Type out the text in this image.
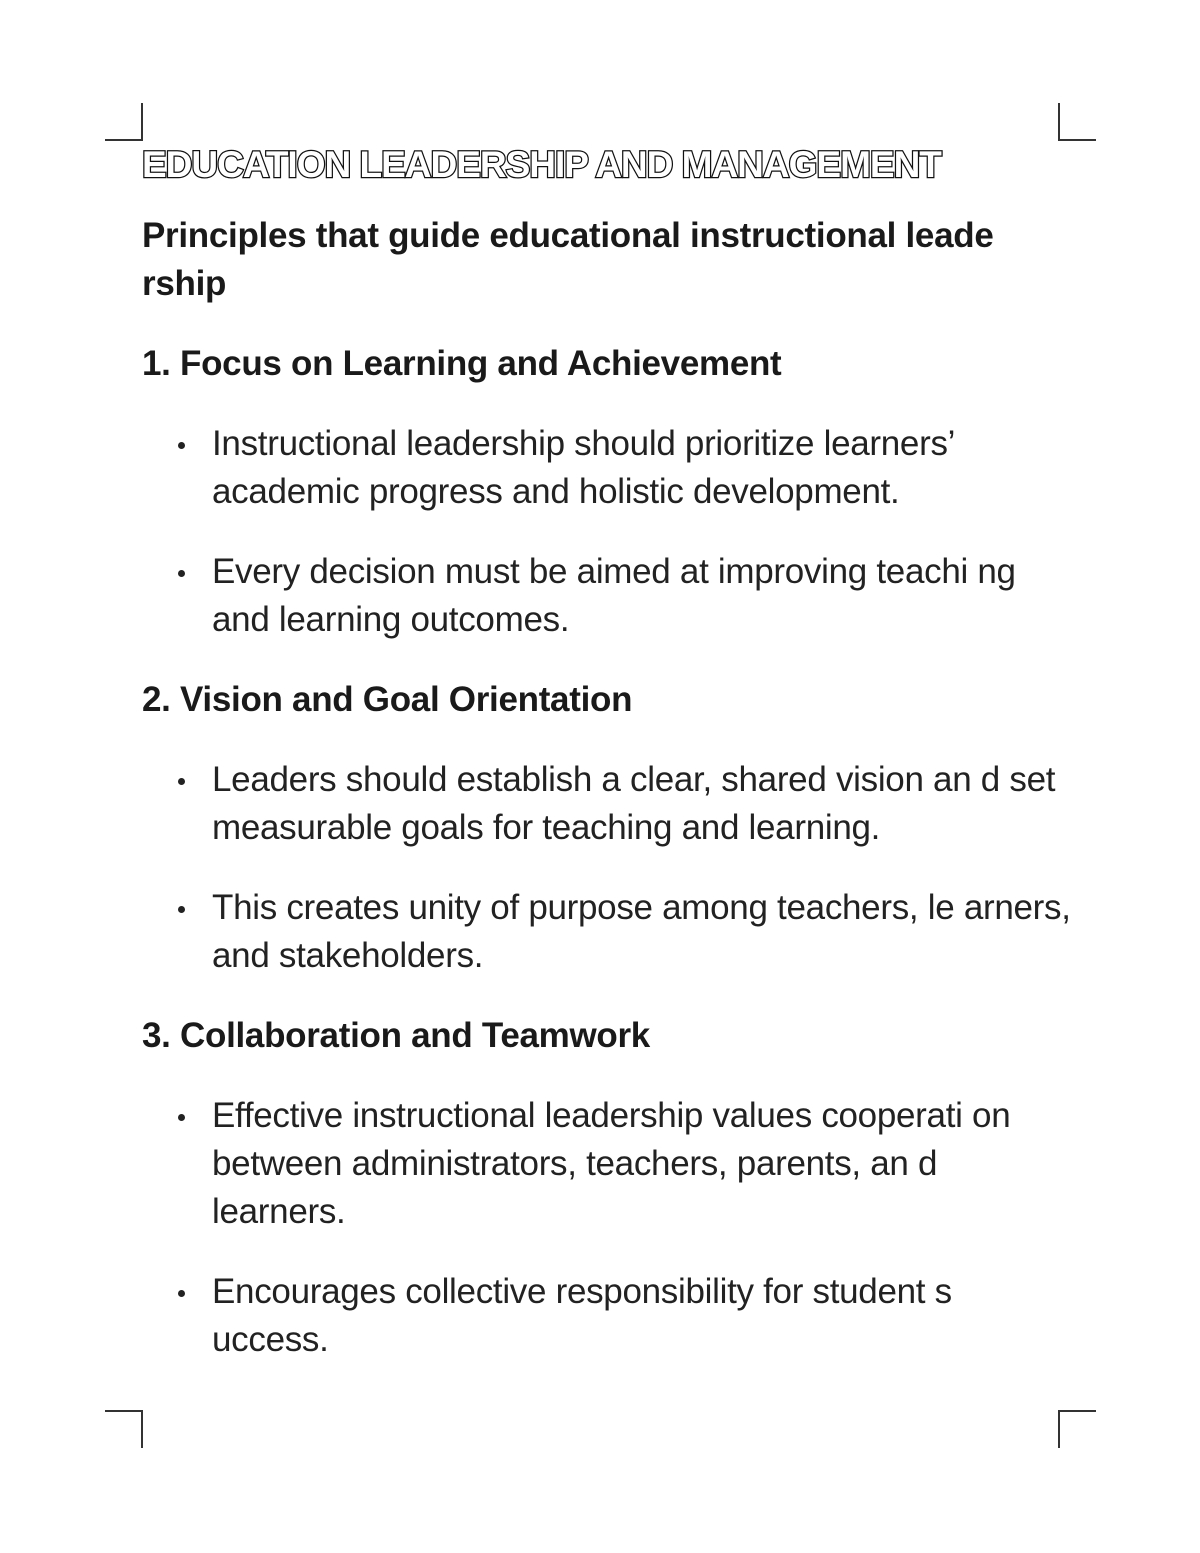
EDUCATION LEADERSHIP AND MANAGEMENT

Principles that guide educational instructional leade rship

1. Focus on Learning and Achievement
Instructional leadership should prioritize learners’ academic progress and holistic development.
Every decision must be aimed at improving teachi ng and learning outcomes.
2. Vision and Goal Orientation
Leaders should establish a clear, shared vision an d set measurable goals for teaching and learning.
This creates unity of purpose among teachers, le arners, and stakeholders.
3. Collaboration and Teamwork
Effective instructional leadership values cooperati on between administrators, teachers, parents, an d learners.
Encourages collective responsibility for student s uccess.
